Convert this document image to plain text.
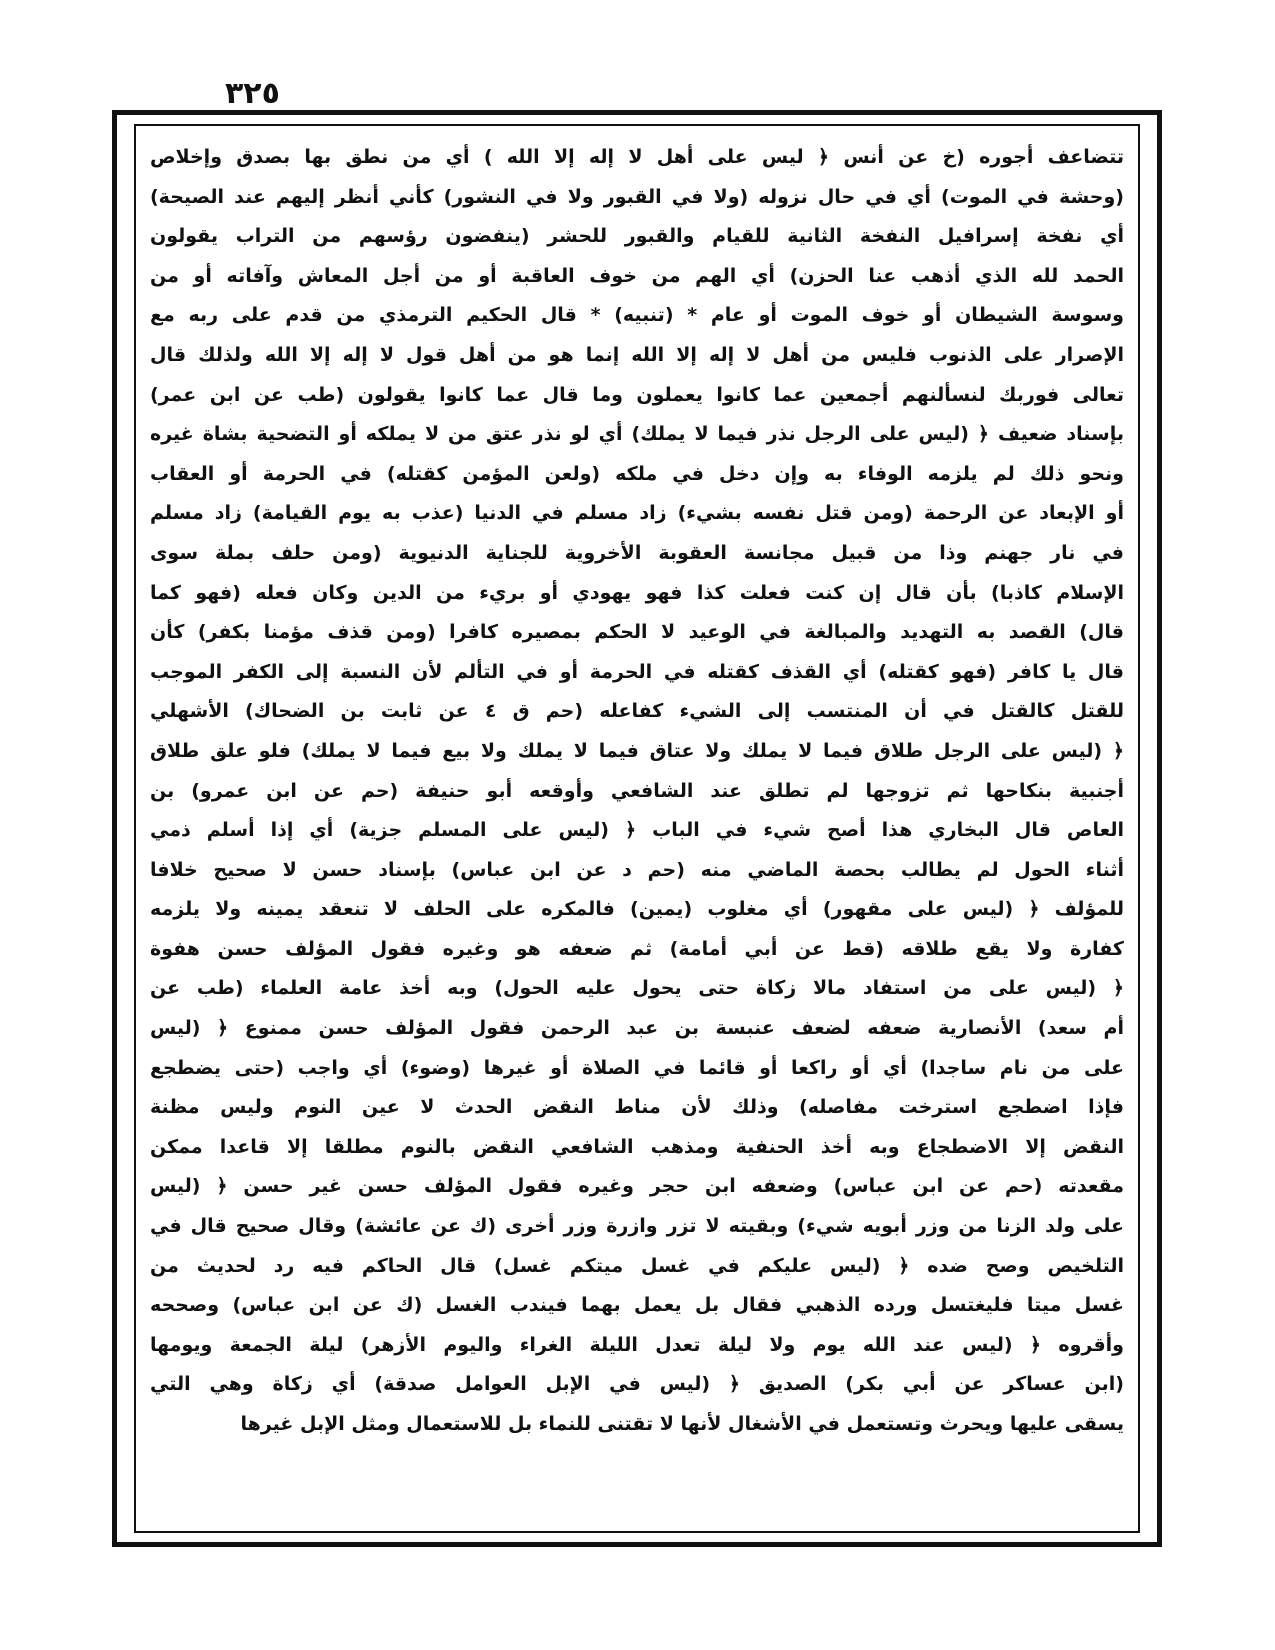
٣٢٥
تتضاعف أجوره (خ عن أنس ﴿ ليس على أهل لا إله إلا الله ) أي من نطق بها بصدق وإخلاص
(وحشة في الموت) أي في حال نزوله (ولا في القبور ولا في النشور) كأني أنظر إليهم عند الصيحة)
أي نفخة إسرافيل النفخة الثانية للقيام والقبور للحشر (ينفضون رؤسهم من التراب يقولون
الحمد لله الذي أذهب عنا الحزن) أي الهم من خوف العاقبة أو من أجل المعاش وآفاته أو من
وسوسة الشيطان أو خوف الموت أو عام * (تنبيه) * قال الحكيم الترمذي من قدم على ربه مع
الإصرار على الذنوب فليس من أهل لا إله إلا الله إنما هو من أهل قول لا إله إلا الله ولذلك قال
تعالى فوربك لنسألنهم أجمعين عما كانوا يعملون وما قال عما كانوا يقولون (طب عن ابن عمر)
بإسناد ضعيف ﴿ (ليس على الرجل نذر فيما لا يملك) أي لو نذر عتق من لا يملكه أو التضحية بشاة غيره
ونحو ذلك لم يلزمه الوفاء به وإن دخل في ملكه (ولعن المؤمن كقتله) في الحرمة أو العقاب
أو الإبعاد عن الرحمة (ومن قتل نفسه بشيء) زاد مسلم في الدنيا (عذب به يوم القيامة) زاد مسلم
في نار جهنم وذا من قبيل مجانسة العقوبة الأخروية للجناية الدنيوية (ومن حلف بملة سوى
الإسلام كاذبا) بأن قال إن كنت فعلت كذا فهو يهودي أو بريء من الدين وكان فعله (فهو كما
قال) القصد به التهديد والمبالغة في الوعيد لا الحكم بمصيره كافرا (ومن قذف مؤمنا بكفر) كأن
قال يا كافر (فهو كقتله) أي القذف كقتله في الحرمة أو في التألم لأن النسبة إلى الكفر الموجب
للقتل كالقتل في أن المنتسب إلى الشيء كفاعله (حم ق ٤ عن ثابت بن الضحاك) الأشهلي
﴿ (ليس على الرجل طلاق فيما لا يملك ولا عتاق فيما لا يملك ولا بيع فيما لا يملك) فلو علق طلاق
أجنبية بنكاحها ثم تزوجها لم تطلق عند الشافعي وأوقعه أبو حنيفة (حم عن ابن عمرو) بن
العاص قال البخاري هذا أصح شيء في الباب ﴿ (ليس على المسلم جزية) أي إذا أسلم ذمي
أثناء الحول لم يطالب بحصة الماضي منه (حم د عن ابن عباس) بإسناد حسن لا صحيح خلافا
للمؤلف ﴿ (ليس على مقهور) أي مغلوب (يمين) فالمكره على الحلف لا تنعقد يمينه ولا يلزمه
كفارة ولا يقع طلاقه (قط عن أبي أمامة) ثم ضعفه هو وغيره فقول المؤلف حسن هفوة
﴿ (ليس على من استفاد مالا زكاة حتى يحول عليه الحول) وبه أخذ عامة العلماء (طب عن
أم سعد) الأنصارية ضعفه لضعف عنبسة بن عبد الرحمن فقول المؤلف حسن ممنوع ﴿ (ليس
على من نام ساجدا) أي أو راكعا أو قائما في الصلاة أو غيرها (وضوء) أي واجب (حتى يضطجع
فإذا اضطجع استرخت مفاصله) وذلك لأن مناط النقض الحدث لا عين النوم وليس مظنة
النقض إلا الاضطجاع وبه أخذ الحنفية ومذهب الشافعي النقض بالنوم مطلقا إلا قاعدا ممكن
مقعدته (حم عن ابن عباس) وضعفه ابن حجر وغيره فقول المؤلف حسن غير حسن ﴿ (ليس
على ولد الزنا من وزر أبويه شيء) وبقيته لا تزر وازرة وزر أخرى (ك عن عائشة) وقال صحيح قال في
التلخيص وصح ضده ﴿ (ليس عليكم في غسل ميتكم غسل) قال الحاكم فيه رد لحديث من
غسل ميتا فليغتسل ورده الذهبي فقال بل يعمل بهما فيندب الغسل (ك عن ابن عباس) وصححه
وأقروه ﴿ (ليس عند الله يوم ولا ليلة تعدل الليلة الغراء واليوم الأزهر) ليلة الجمعة ويومها
(ابن عساكر عن أبي بكر) الصديق ﴿ (ليس في الإبل العوامل صدقة) أي زكاة وهي التي
يسقى عليها ويحرث وتستعمل في الأشغال لأنها لا تقتنى للنماء بل للاستعمال ومثل الإبل غيرها
